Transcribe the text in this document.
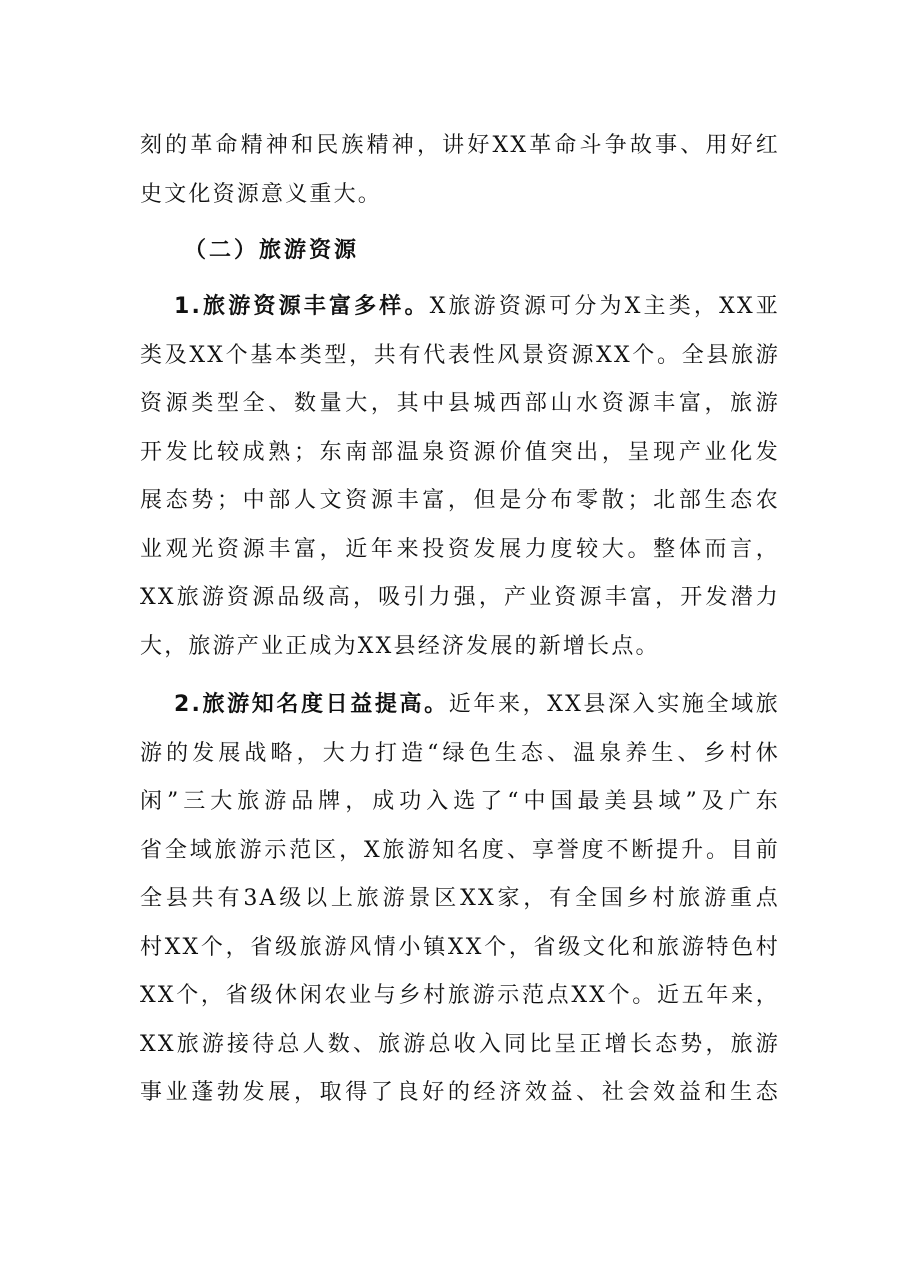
刻的革命精神和民族精神，讲好XX革命斗争故事、用好红
史文化资源意义重大。
（二）旅游资源
1.旅游资源丰富多样。X旅游资源可分为X主类，XX亚
类及XX个基本类型，共有代表性风景资源XX个。全县旅游
资源类型全、数量大，其中县城西部山水资源丰富，旅游
开发比较成熟；东南部温泉资源价值突出，呈现产业化发
展态势；中部人文资源丰富，但是分布零散；北部生态农
业观光资源丰富，近年来投资发展力度较大。整体而言，
XX旅游资源品级高，吸引力强，产业资源丰富，开发潜力
大，旅游产业正成为XX县经济发展的新增长点。
2.旅游知名度日益提高。近年来，XX县深入实施全域旅
游的发展战略，大力打造“绿色生态、温泉养生、乡村休
闲”三大旅游品牌，成功入选了“中国最美县域”及广东
省全域旅游示范区，X旅游知名度、享誉度不断提升。目前
全县共有3A级以上旅游景区XX家，有全国乡村旅游重点
村XX个，省级旅游风情小镇XX个，省级文化和旅游特色村
XX个，省级休闲农业与乡村旅游示范点XX个。近五年来，
XX旅游接待总人数、旅游总收入同比呈正增长态势，旅游
事业蓬勃发展，取得了良好的经济效益、社会效益和生态
